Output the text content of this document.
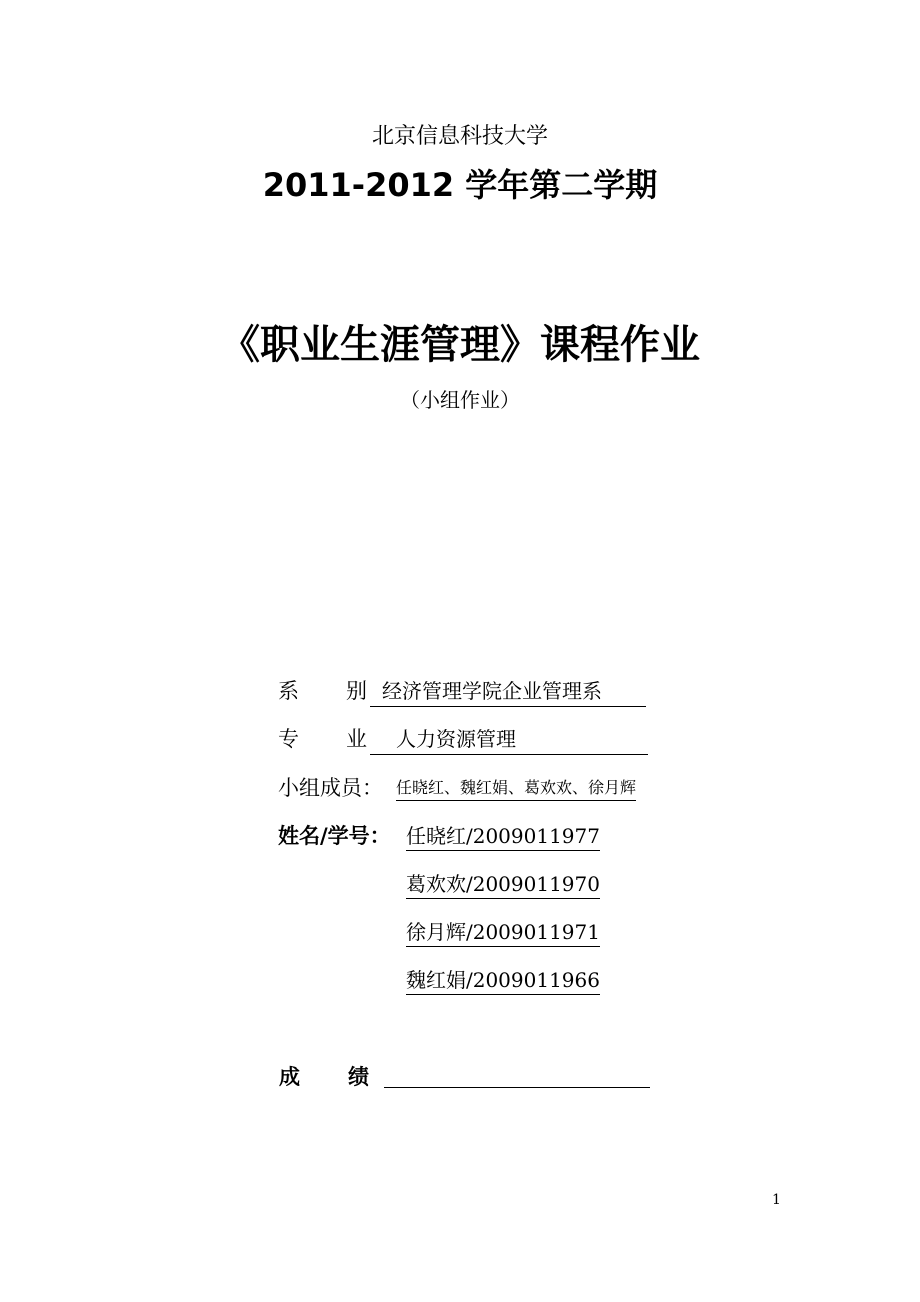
北京信息科技大学
2011-2012 学年第二学期
《职业生涯管理》课程作业
（小组作业）
系 别 经济管理学院企业管理系
专 业	人力资源管理
小组成员： 任晓红、魏红娟、葛欢欢、徐月辉
姓名/学号： 任晓红/2009011977
葛欢欢/2009011970
徐月辉/2009011971
魏红娟/2009011966
成 绩
1
